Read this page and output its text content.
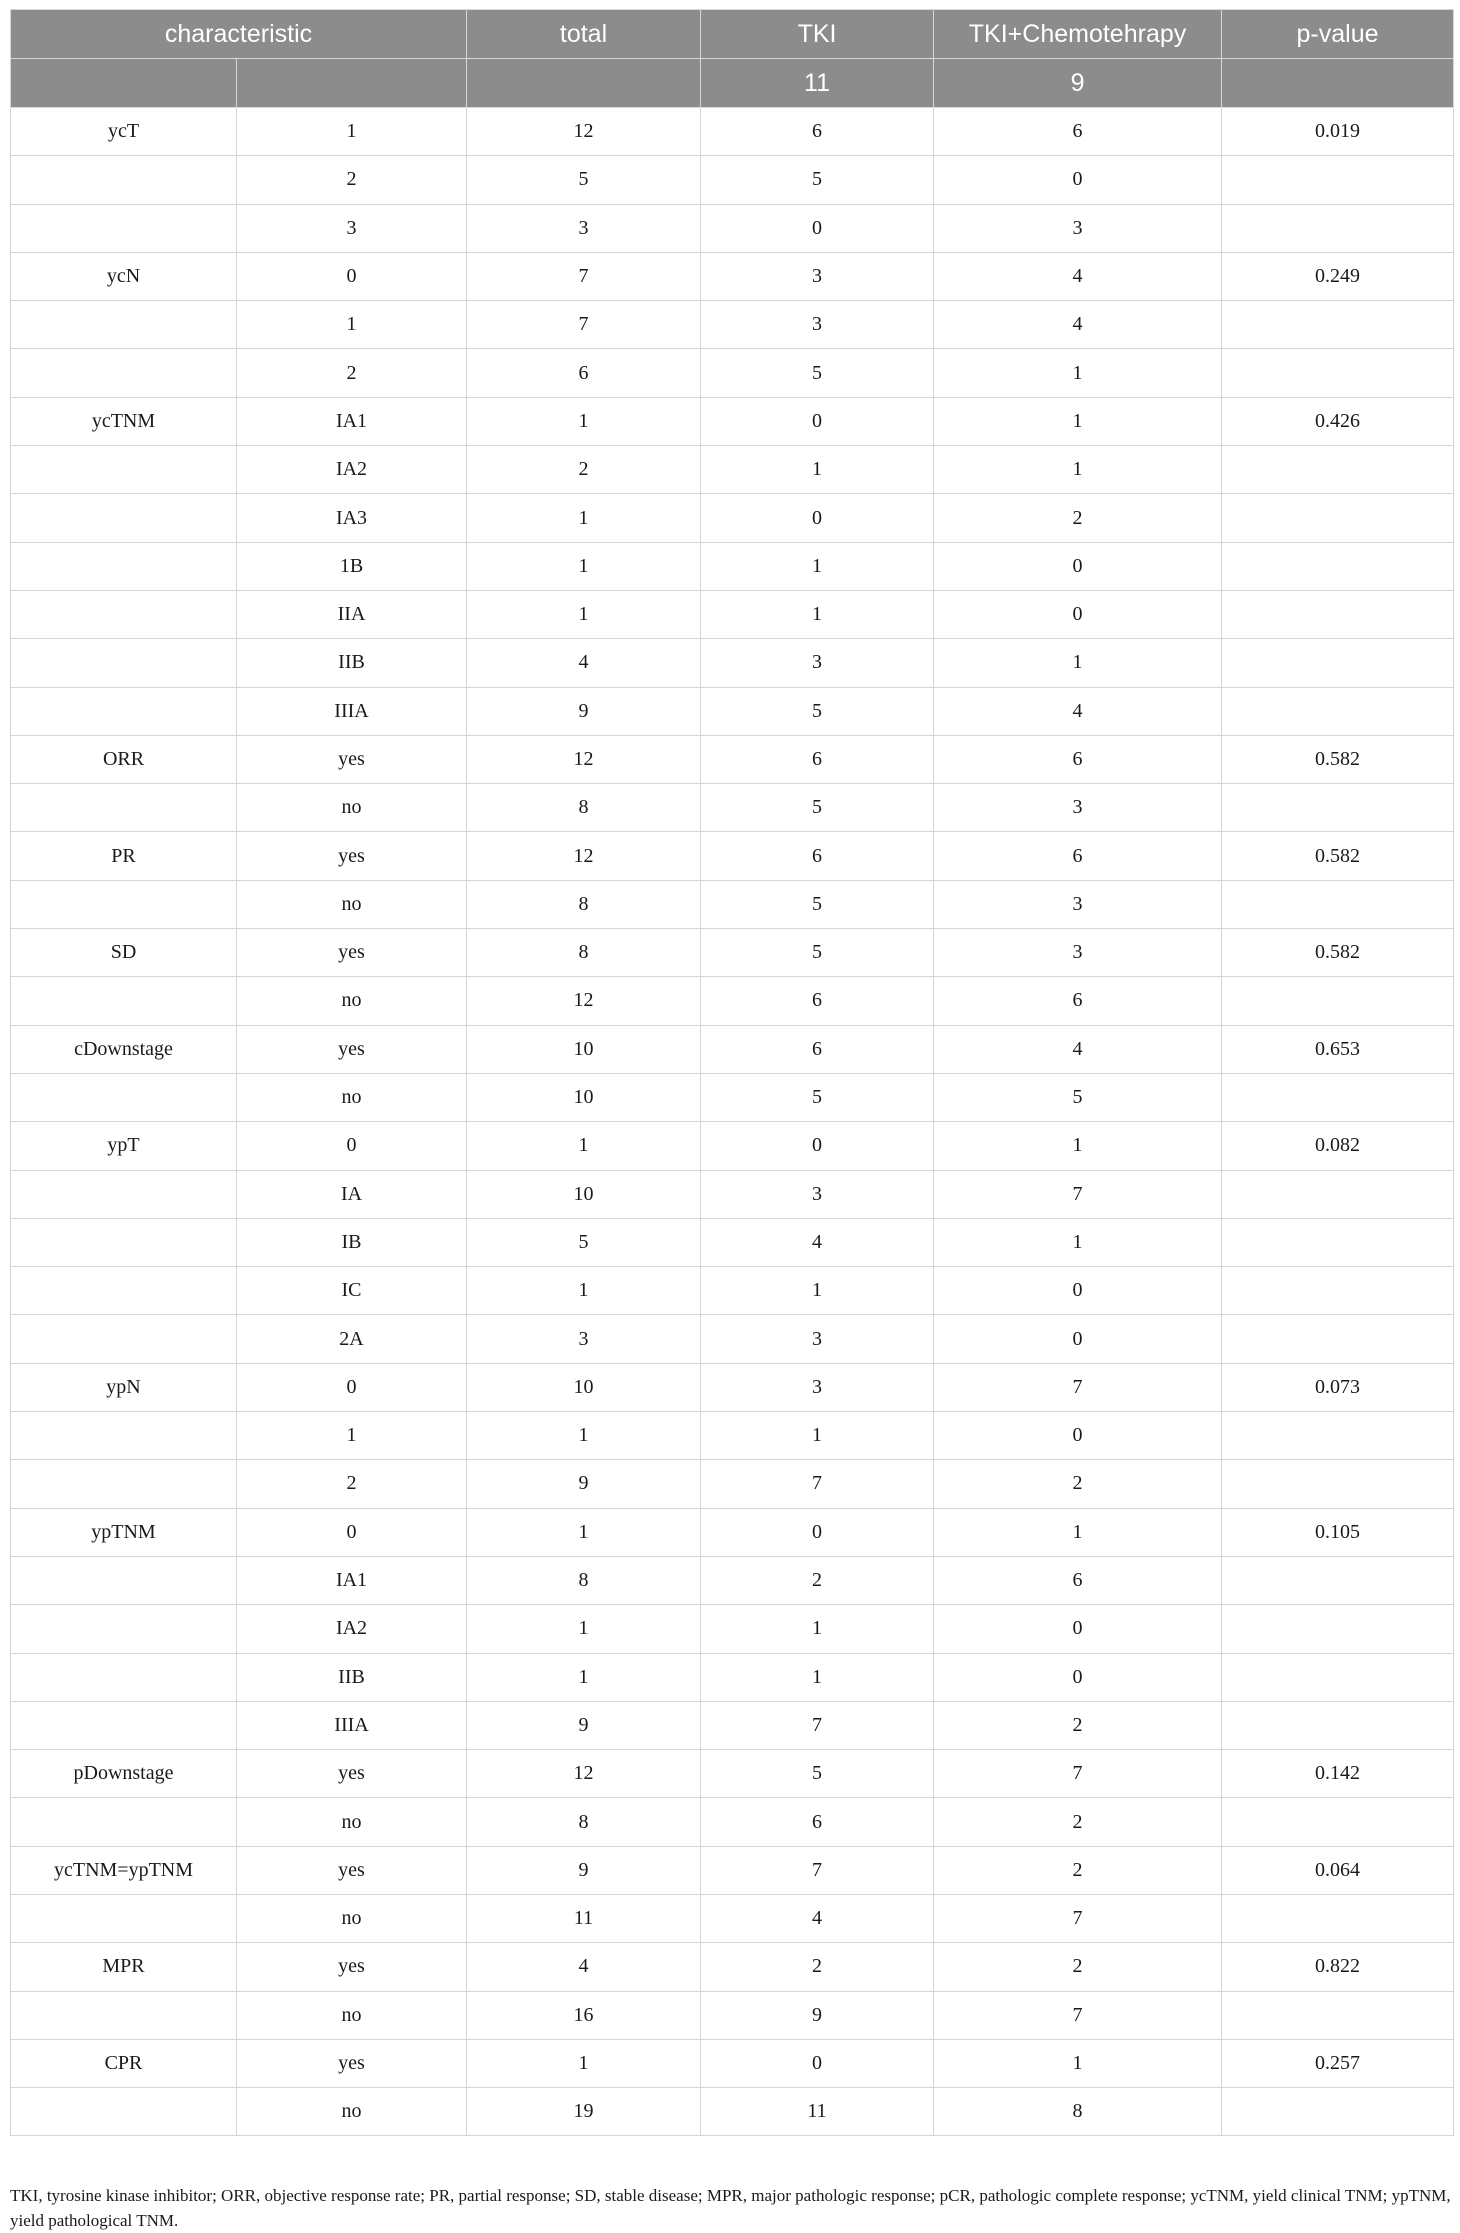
characteristic		total	TKI	TKI+Chemotehrapy	p-value
			11	9	
ycT	1	12	6	6	0.019
	2	5	5	0	
	3	3	0	3	
ycN	0	7	3	4	0.249
	1	7	3	4	
	2	6	5	1	
ycTNM	IA1	1	0	1	0.426
	IA2	2	1	1	
	IA3	1	0	2	
	1B	1	1	0	
	IIA	1	1	0	
	IIB	4	3	1	
	IIIA	9	5	4	
ORR	yes	12	6	6	0.582
	no	8	5	3	
PR	yes	12	6	6	0.582
	no	8	5	3	
SD	yes	8	5	3	0.582
	no	12	6	6	
cDownstage	yes	10	6	4	0.653
	no	10	5	5	
ypT	0	1	0	1	0.082
	IA	10	3	7	
	IB	5	4	1	
	IC	1	1	0	
	2A	3	3	0	
ypN	0	10	3	7	0.073
	1	1	1	0	
	2	9	7	2	
ypTNM	0	1	0	1	0.105
	IA1	8	2	6	
	IA2	1	1	0	
	IIB	1	1	0	
	IIIA	9	7	2	
pDownstage	yes	12	5	7	0.142
	no	8	6	2	
ycTNM=ypTNM	yes	9	7	2	0.064
	no	11	4	7	
MPR	yes	4	2	2	0.822
	no	16	9	7	
CPR	yes	1	0	1	0.257
	no	19	11	8	
TKI, tyrosine kinase inhibitor; ORR, objective response rate; PR, partial response; SD, stable disease; MPR, major pathologic response; pCR, pathologic complete response; ycTNM, yield clinical TNM; ypTNM, yield pathological TNM.
